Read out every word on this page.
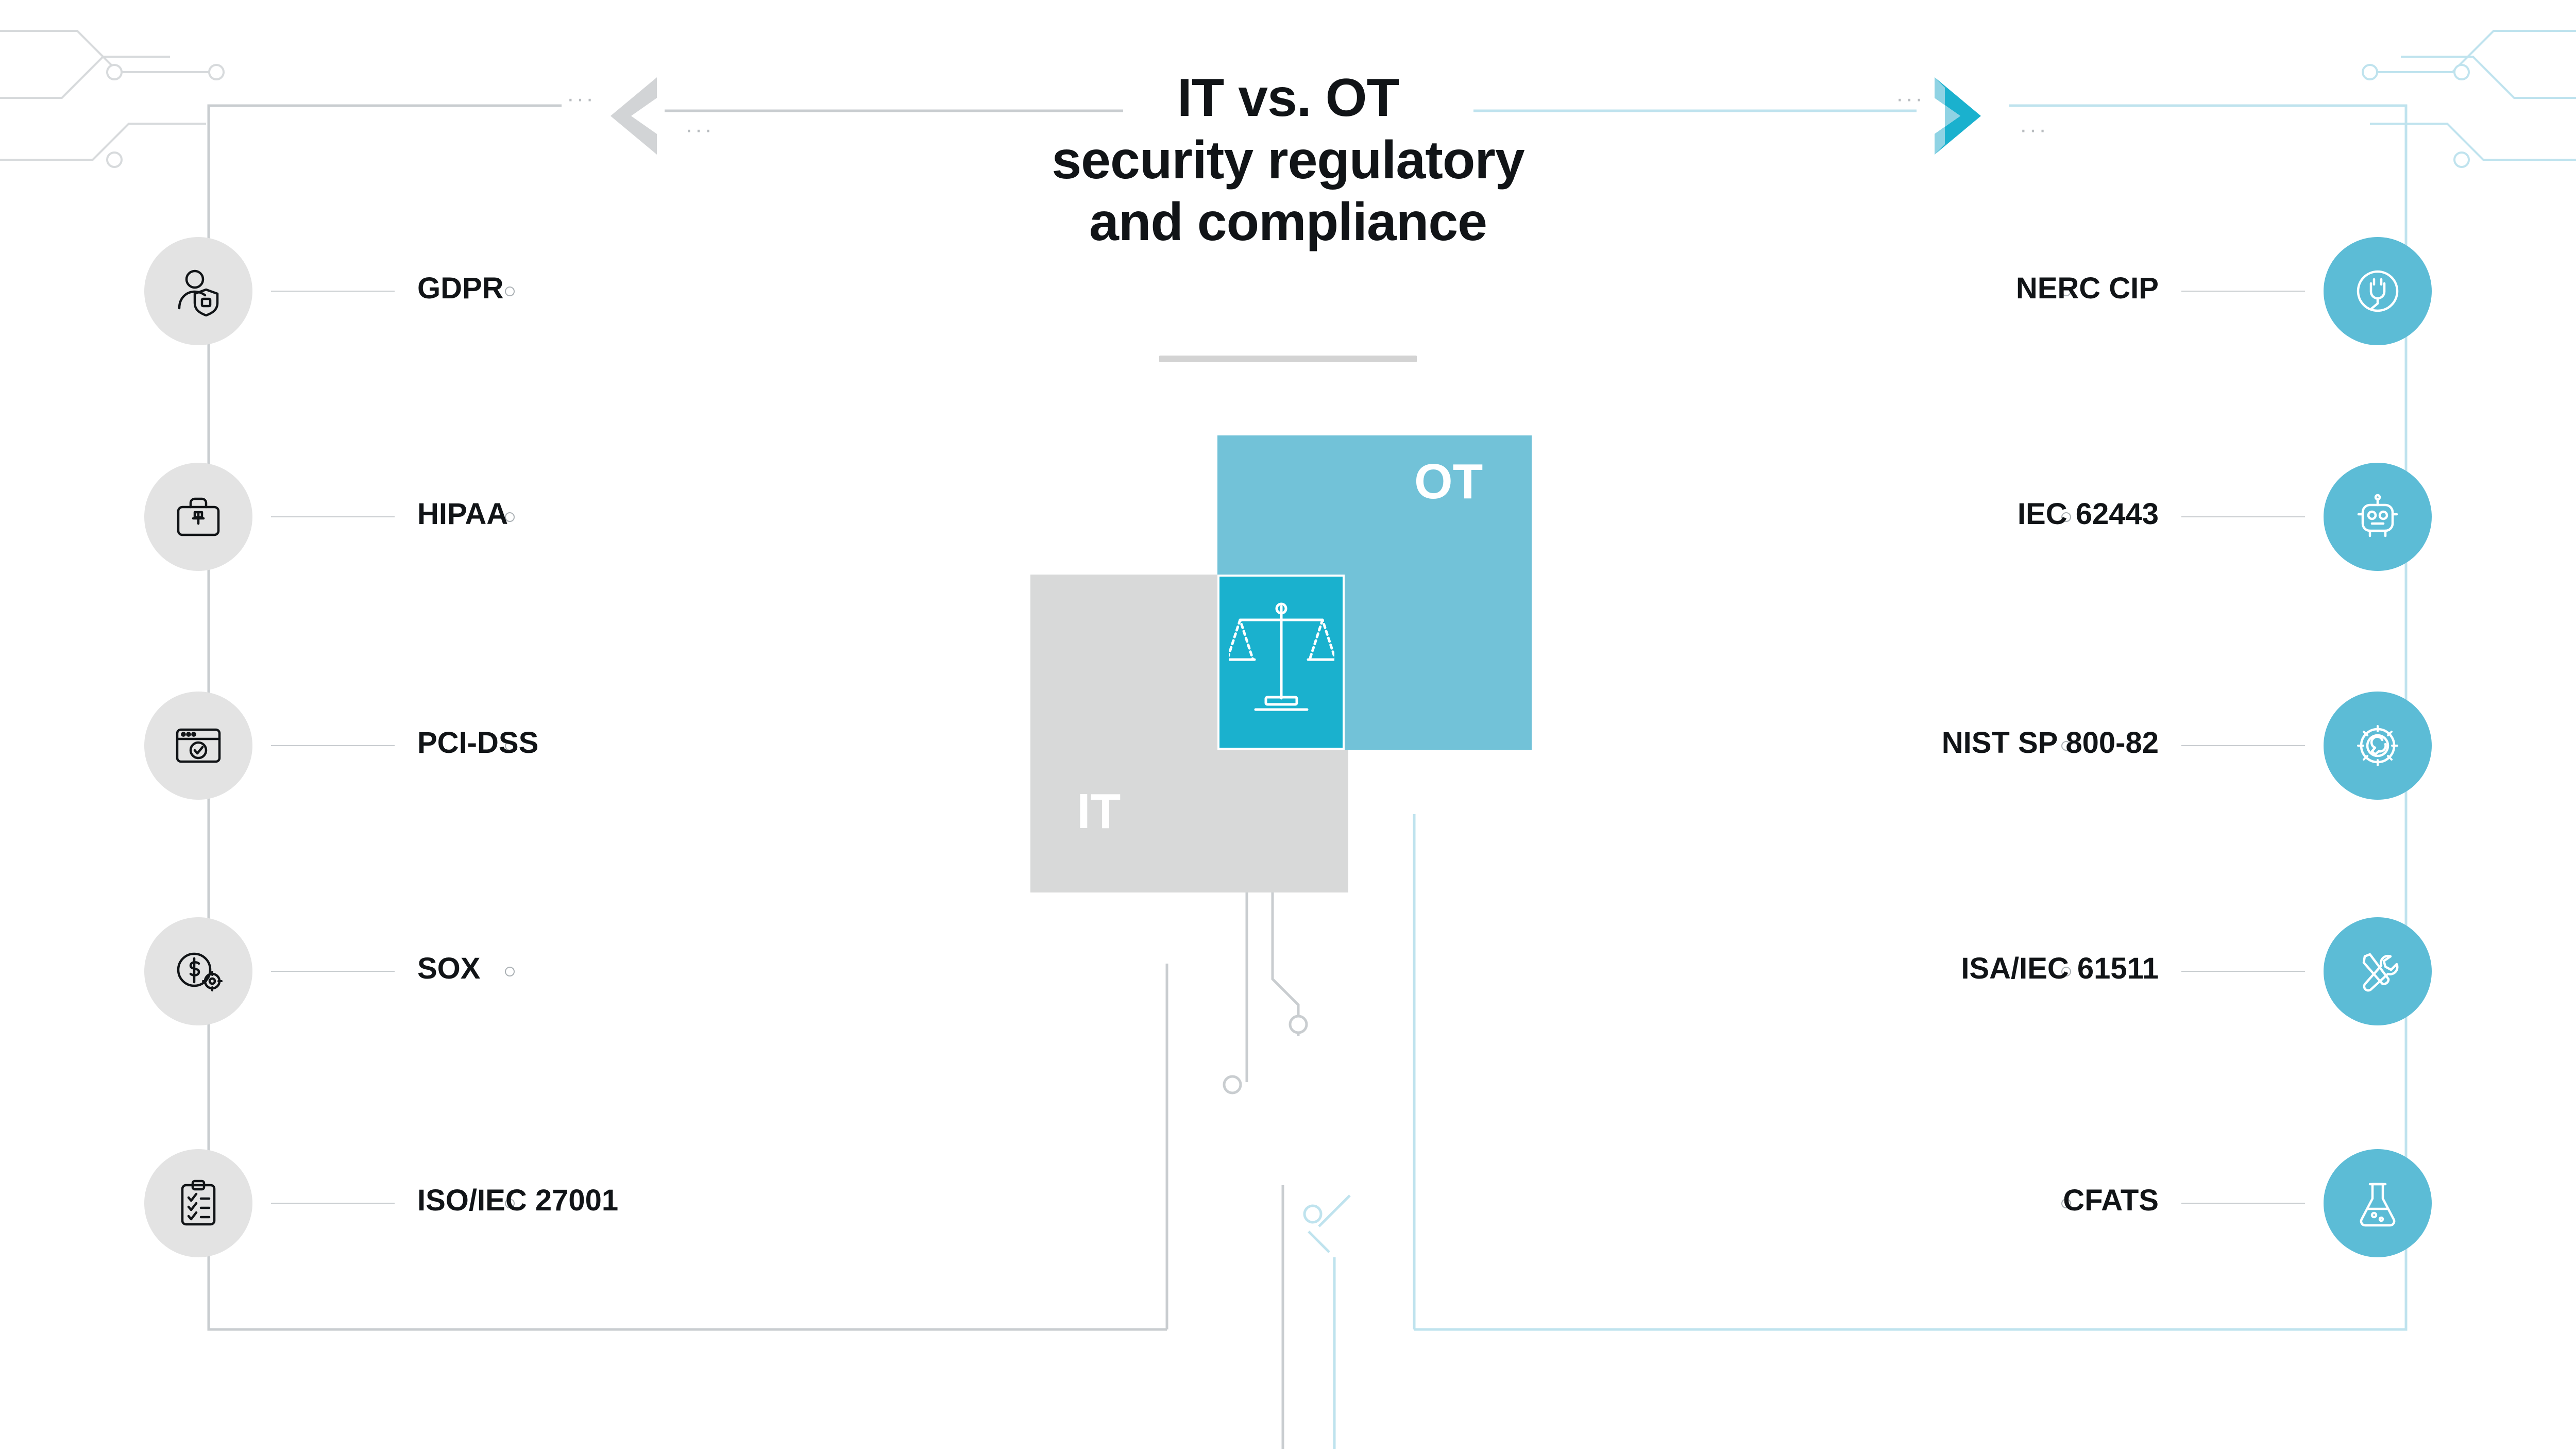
···
···
···
···
IT vs. OT
security regulatory
and compliance
IT
OT
GDPR
HIPAA
PCI-DSS
SOX
ISO/IEC 27001
NERC CIP
IEC 62443
NIST SP 800-82
ISA/IEC 61511
CFATS
